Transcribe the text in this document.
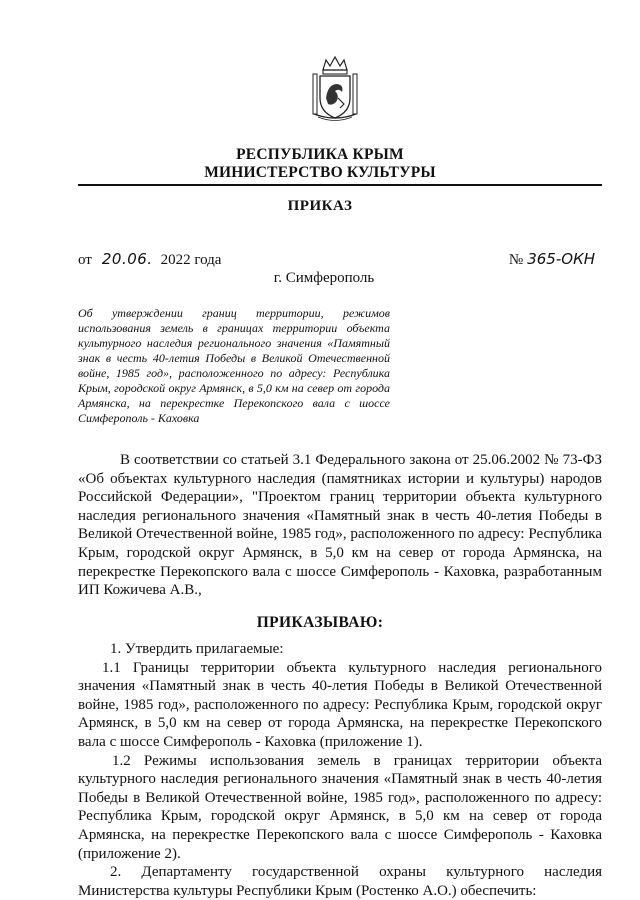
РЕСПУБЛИКА КРЫМ
МИНИСТЕРСТВО КУЛЬТУРЫ
ПРИКАЗ
от 20.06. 2022 года	№ 365-ОКН
г. Симферополь
Об утверждении границ территории, режимов использования земель в границах территории объекта культурного наследия регионального значения «Памятный знак в честь 40-летия Победы в Великой Отечественной войне, 1985 год», расположенного по адресу: Республика Крым, городской округ Армянск, в 5,0 км на север от города Армянска, на перекрестке Перекопского вала с шоссе Симферополь - Каховка

В соответствии со статьей 3.1 Федерального закона от 25.06.2002 № 73-ФЗ «Об объектах культурного наследия (памятниках истории и культуры) народов Российской Федерации», "Проектом границ территории объекта культурного наследия регионального значения «Памятный знак в честь 40-летия Победы в Великой Отечественной войне, 1985 год», расположенного по адресу: Республика Крым, городской округ Армянск, в 5,0 км на север от города Армянска, на перекрестке Перекопского вала с шоссе Симферополь - Каховка, разработанным ИП Кожичева А.В.,

ПРИКАЗЫВАЮ:

1. Утвердить прилагаемые:

1.1 Границы территории объекта культурного наследия регионального значения «Памятный знак в честь 40-летия Победы в Великой Отечественной войне, 1985 год», расположенного по адресу: Республика Крым, городской округ Армянск, в 5,0 км на север от города Армянска, на перекрестке Перекопского вала с шоссе Симферополь - Каховка (приложение 1).

1.2 Режимы использования земель в границах территории объекта культурного наследия регионального значения «Памятный знак в честь 40-летия Победы в Великой Отечественной войне, 1985 год», расположенного по адресу: Республика Крым, городской округ Армянск, в 5,0 км на север от города Армянска, на перекрестке Перекопского вала с шоссе Симферополь - Каховка (приложение 2).

2. Департаменту государственной охраны культурного наследия Министерства культуры Республики Крым (Ростенко А.О.) обеспечить:
